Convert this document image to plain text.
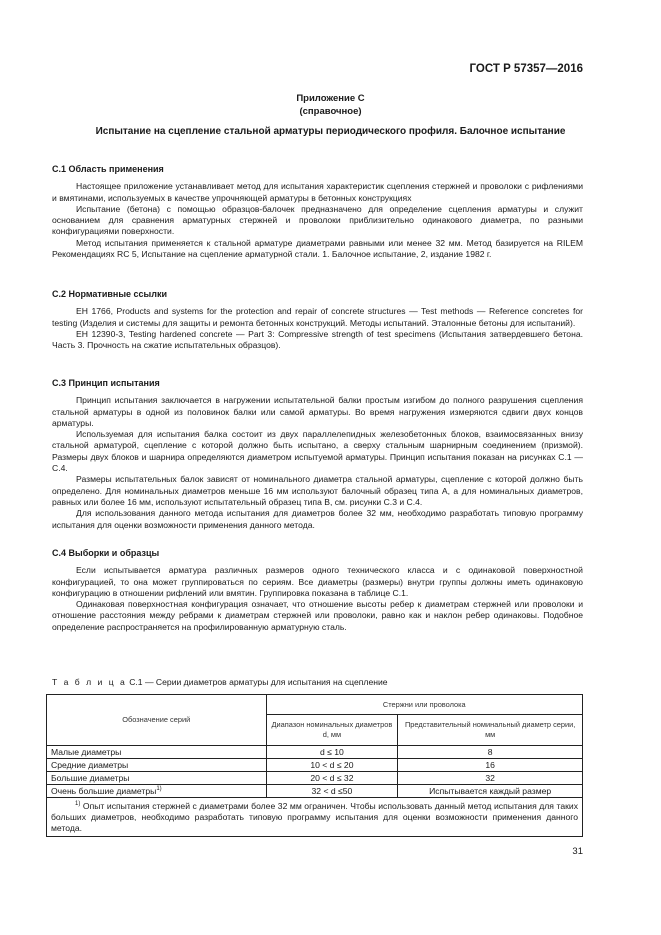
ГОСТ Р 57357—2016
Приложение С
(справочное)
Испытание на сцепление стальной арматуры периодического профиля. Балочное испытание

С.1 Область применения

Настоящее приложение устанавливает метод для испытания характеристик сцепления стержней и проволоки с рифлениями и вмятинами, используемых в качестве упрочняющей арматуры в бетонных конструкциях

Испытание (бетона) с помощью образцов-балочек предназначено для определение сцепления арматуры и служит основанием для сравнения арматурных стержней и проволоки приблизительно одинакового диаметра, по разными конфигурациями поверхности.

Метод испытания применяется к стальной арматуре диаметрами равными или менее 32 мм. Метод базируется на RILEM Рекомендациях RC 5, Испытание на сцепление арматурной стали. 1. Балочное испытание, 2, издание 1982 г.

С.2 Нормативные ссылки

ЕН 1766, Products and systems for the protection and repair of concrete structures — Test methods — Reference concretes for testing (Изделия и системы для защиты и ремонта бетонных конструкций. Методы испытаний. Эталонные бетоны для испытаний).

ЕН 12390-3, Testing hardened concrete — Part 3: Compressive strength of test specimens (Испытания затвердевшего бетона. Часть 3. Прочность на сжатие испытательных образцов).

С.3 Принцип испытания

Принцип испытания заключается в нагружении испытательной балки простым изгибом до полного разрушения сцепления стальной арматуры в одной из половинок балки или самой арматуры. Во время нагружения измеряются сдвиги двух концов арматуры.

Используемая для испытания балка состоит из двух параллелепидных железобетонных блоков, взаимосвязанных внизу стальной арматурой, сцепление с которой должно быть испытано, а сверху стальным шарнирным соединением (призмой). Размеры двух блоков и шарнира определяются диаметром испытуемой арматуры. Принцип испытания показан на рисунках С.1 — С.4.

Размеры испытательных балок зависят от номинального диаметра стальной арматуры, сцепление с которой должно быть определено. Для номинальных диаметров меньше 16 мм используют балочный образец типа А, а для номинальных диаметров, равных или более 16 мм, используют испытательный образец типа В, см. рисунки С.3 и С.4.

Для использования данного метода испытания для диаметров более 32 мм, необходимо разработать типовую программу испытания для оценки возможности применения данного метода.

С.4 Выборки и образцы

Если испытывается арматура различных размеров одного технического класса и с одинаковой поверхностной конфигурацией, то она может группироваться по сериям. Все диаметры (размеры) внутри группы должны иметь одинаковую конфигурацию в отношении рифлений или вмятин. Группировка показана в таблице С.1.

Одинаковая поверхностная конфигурация означает, что отношение высоты ребер к диаметрам стержней или проволоки и отношение расстояния между ребрами к диаметрам стержней или проволоки, равно как и наклон ребер одинаковы. Подобное определение распространяется на профилированную арматурную сталь.

Т а б л и ц а С.1 — Серии диаметров арматуры для испытания на сцепление
Обозначение серий	Стержни или проволока	
	Диапазон номинальных диаметров d, мм	Представительный номинальный диаметр серии, мм
Малые диаметры	d ≤ 10	8
Средние диаметры	10 < d ≤ 20	16
Большие диаметры	20 < d ≤ 32	32
Очень большие диаметры$^{1)}$	32 < d ≤50	Испытывается каждый размер
$^{1)}$ Опыт испытания стержней с диаметрами более 32 мм ограничен. Чтобы использовать данный метод испытания для таких больших диаметров, необходимо разработать типовую программу испытания для оценки возможности применения данного метода.		
31
